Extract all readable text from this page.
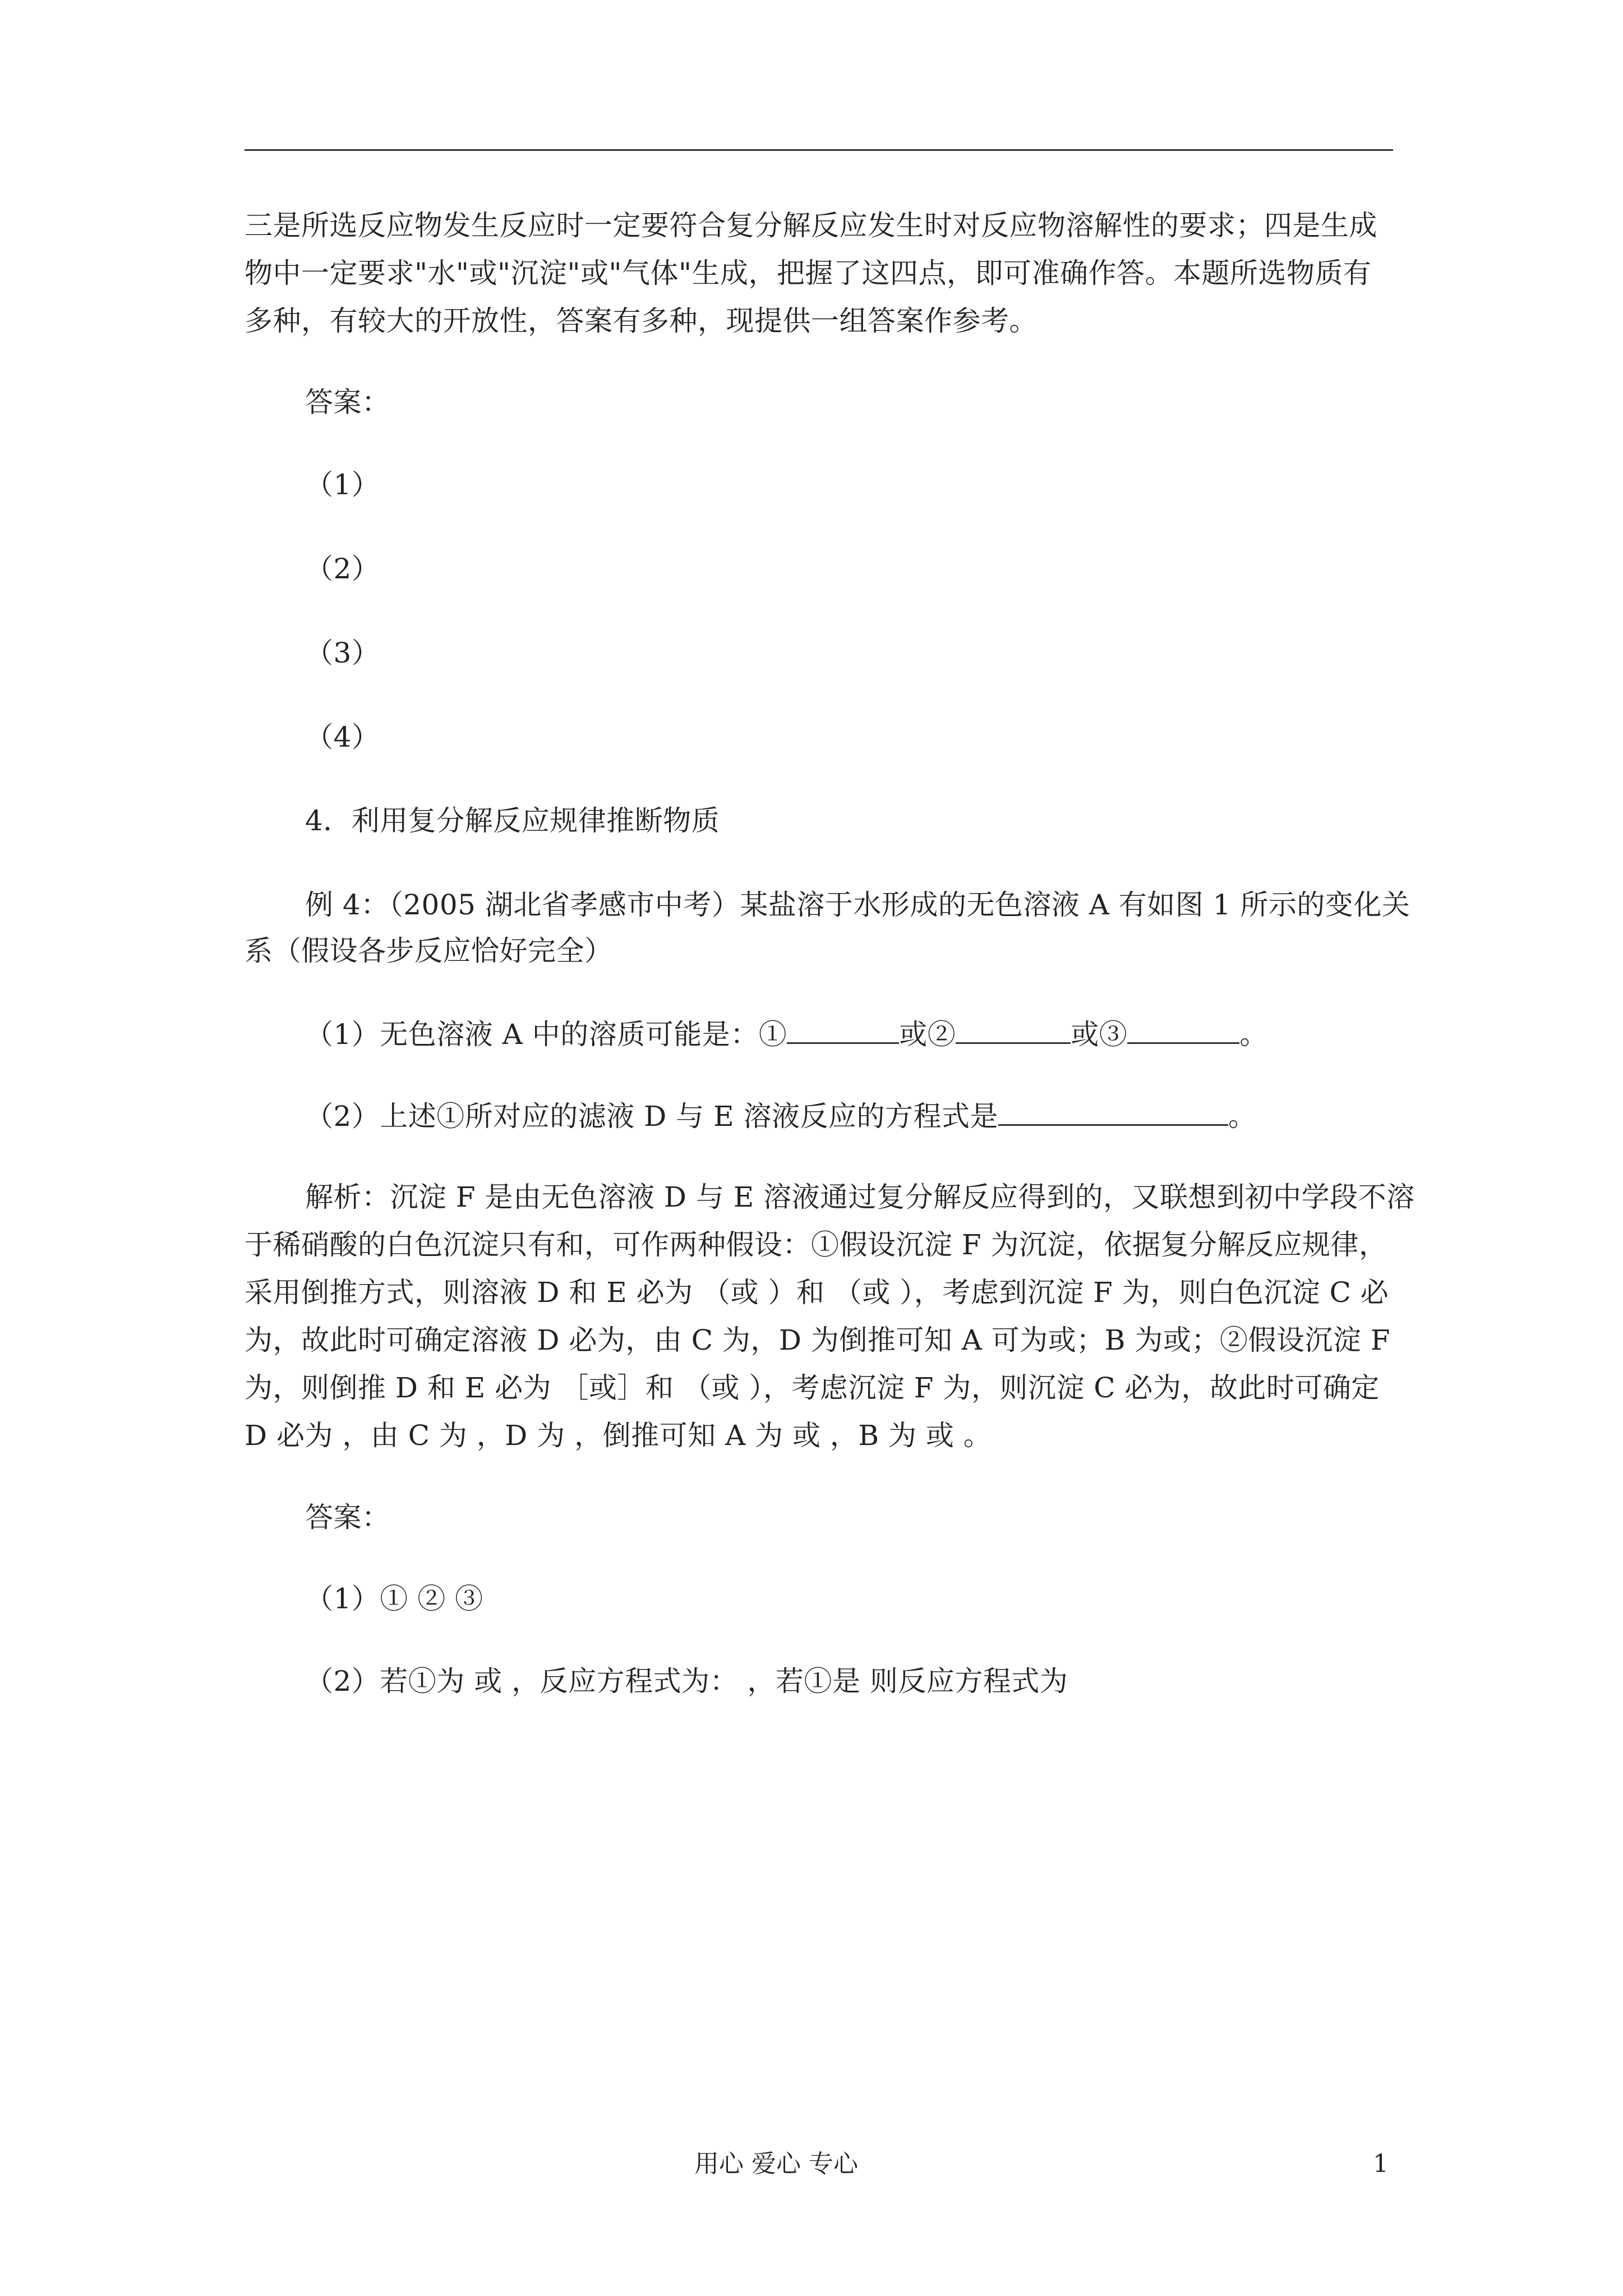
三是所选反应物发生反应时一定要符合复分解反应发生时对反应物溶解性的要求；四是生成
物中一定要求"水"或"沉淀"或"气体"生成，把握了这四点，即可准确作答。本题所选物质有
多种，有较大的开放性，答案有多种，现提供一组答案作参考。
答案：
（1）
（2）
（3）
（4）
4．利用复分解反应规律推断物质
例 4：（2005 湖北省孝感市中考）某盐溶于水形成的无色溶液 A 有如图 1 所示的变化关
系（假设各步反应恰好完全）
（1）无色溶液 A 中的溶质可能是：①	或②	或③	。
（2）上述①所对应的滤液 D 与 E 溶液反应的方程式是	。
解析：沉淀 F 是由无色溶液 D 与 E 溶液通过复分解反应得到的，又联想到初中学段不溶
于稀硝酸的白色沉淀只有和，可作两种假设：①假设沉淀 F 为沉淀，依据复分解反应规律，
采用倒推方式，则溶液 D 和 E 必为 （或 ）和 （或 ），考虑到沉淀 F 为，则白色沉淀 C 必
为，故此时可确定溶液 D 必为，由 C 为，D 为倒推可知 A 可为或；B 为或；②假设沉淀 F
为，则倒推 D 和 E 必为 ［或］和 （或 ），考虑沉淀 F 为，则沉淀 C 必为，故此时可确定
D 必为 ，由 C 为 ，D 为 ，倒推可知 A 为 或 ，B 为 或 。
答案：
（1）① ② ③
（2）若①为 或 ，反应方程式为： ，若①是 则反应方程式为
用心 爱心 专心	1
